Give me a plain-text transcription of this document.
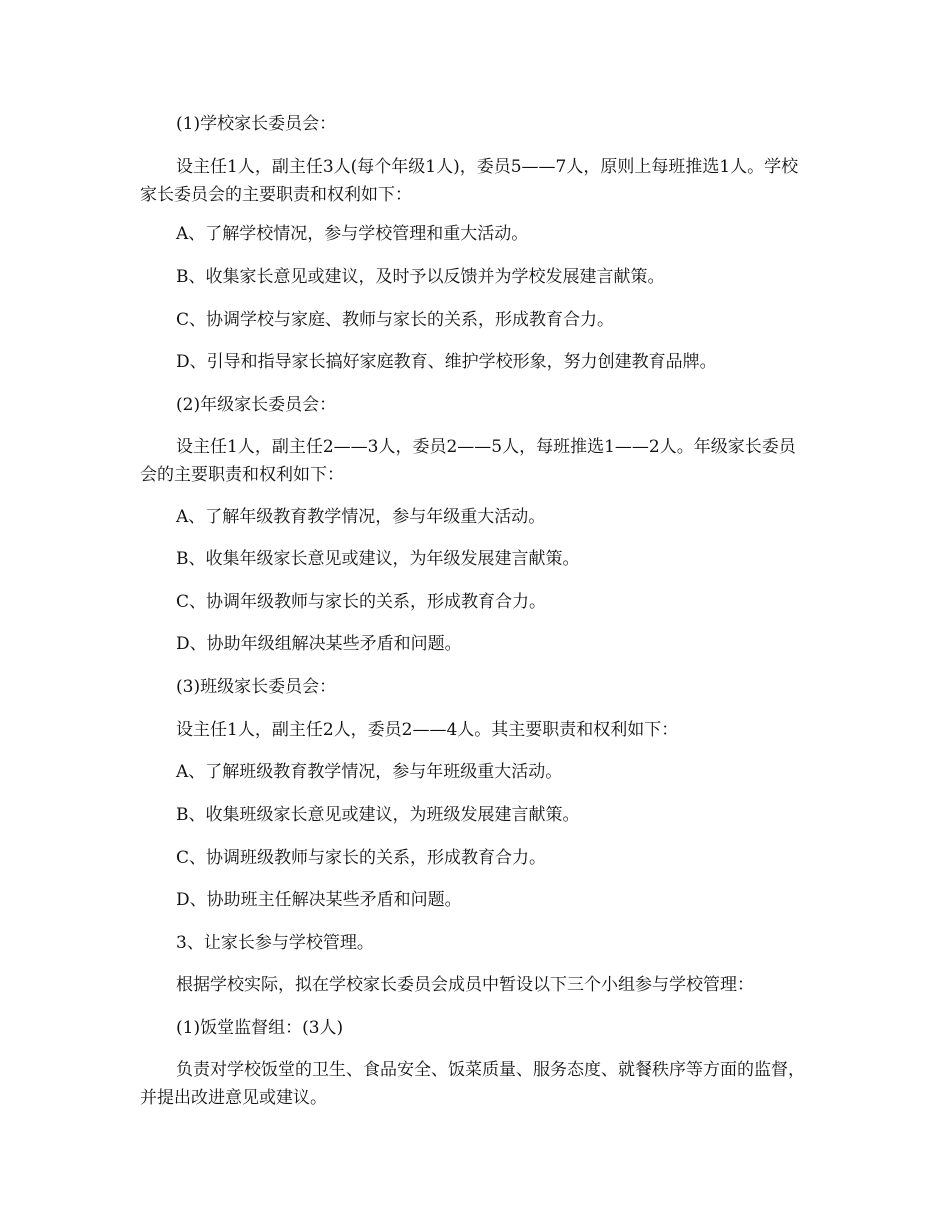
(1)学校家长委员会：

设主任1人，副主任3人(每个年级1人)，委员5——7人，原则上每班推选1人。学校家长委员会的主要职责和权利如下：

A、了解学校情况，参与学校管理和重大活动。

B、收集家长意见或建议，及时予以反馈并为学校发展建言献策。

C、协调学校与家庭、教师与家长的关系，形成教育合力。

D、引导和指导家长搞好家庭教育、维护学校形象，努力创建教育品牌。

(2)年级家长委员会：

设主任1人，副主任2——3人，委员2——5人，每班推选1——2人。年级家长委员会的主要职责和权利如下：

A、了解年级教育教学情况，参与年级重大活动。

B、收集年级家长意见或建议，为年级发展建言献策。

C、协调年级教师与家长的关系，形成教育合力。

D、协助年级组解决某些矛盾和问题。

(3)班级家长委员会：

设主任1人，副主任2人，委员2——4人。其主要职责和权利如下：

A、了解班级教育教学情况，参与年班级重大活动。

B、收集班级家长意见或建议，为班级发展建言献策。

C、协调班级教师与家长的关系，形成教育合力。

D、协助班主任解决某些矛盾和问题。

3、让家长参与学校管理。

根据学校实际，拟在学校家长委员会成员中暂设以下三个小组参与学校管理：

(1)饭堂监督组：(3人)

负责对学校饭堂的卫生、食品安全、饭菜质量、服务态度、就餐秩序等方面的监督，并提出改进意见或建议。
